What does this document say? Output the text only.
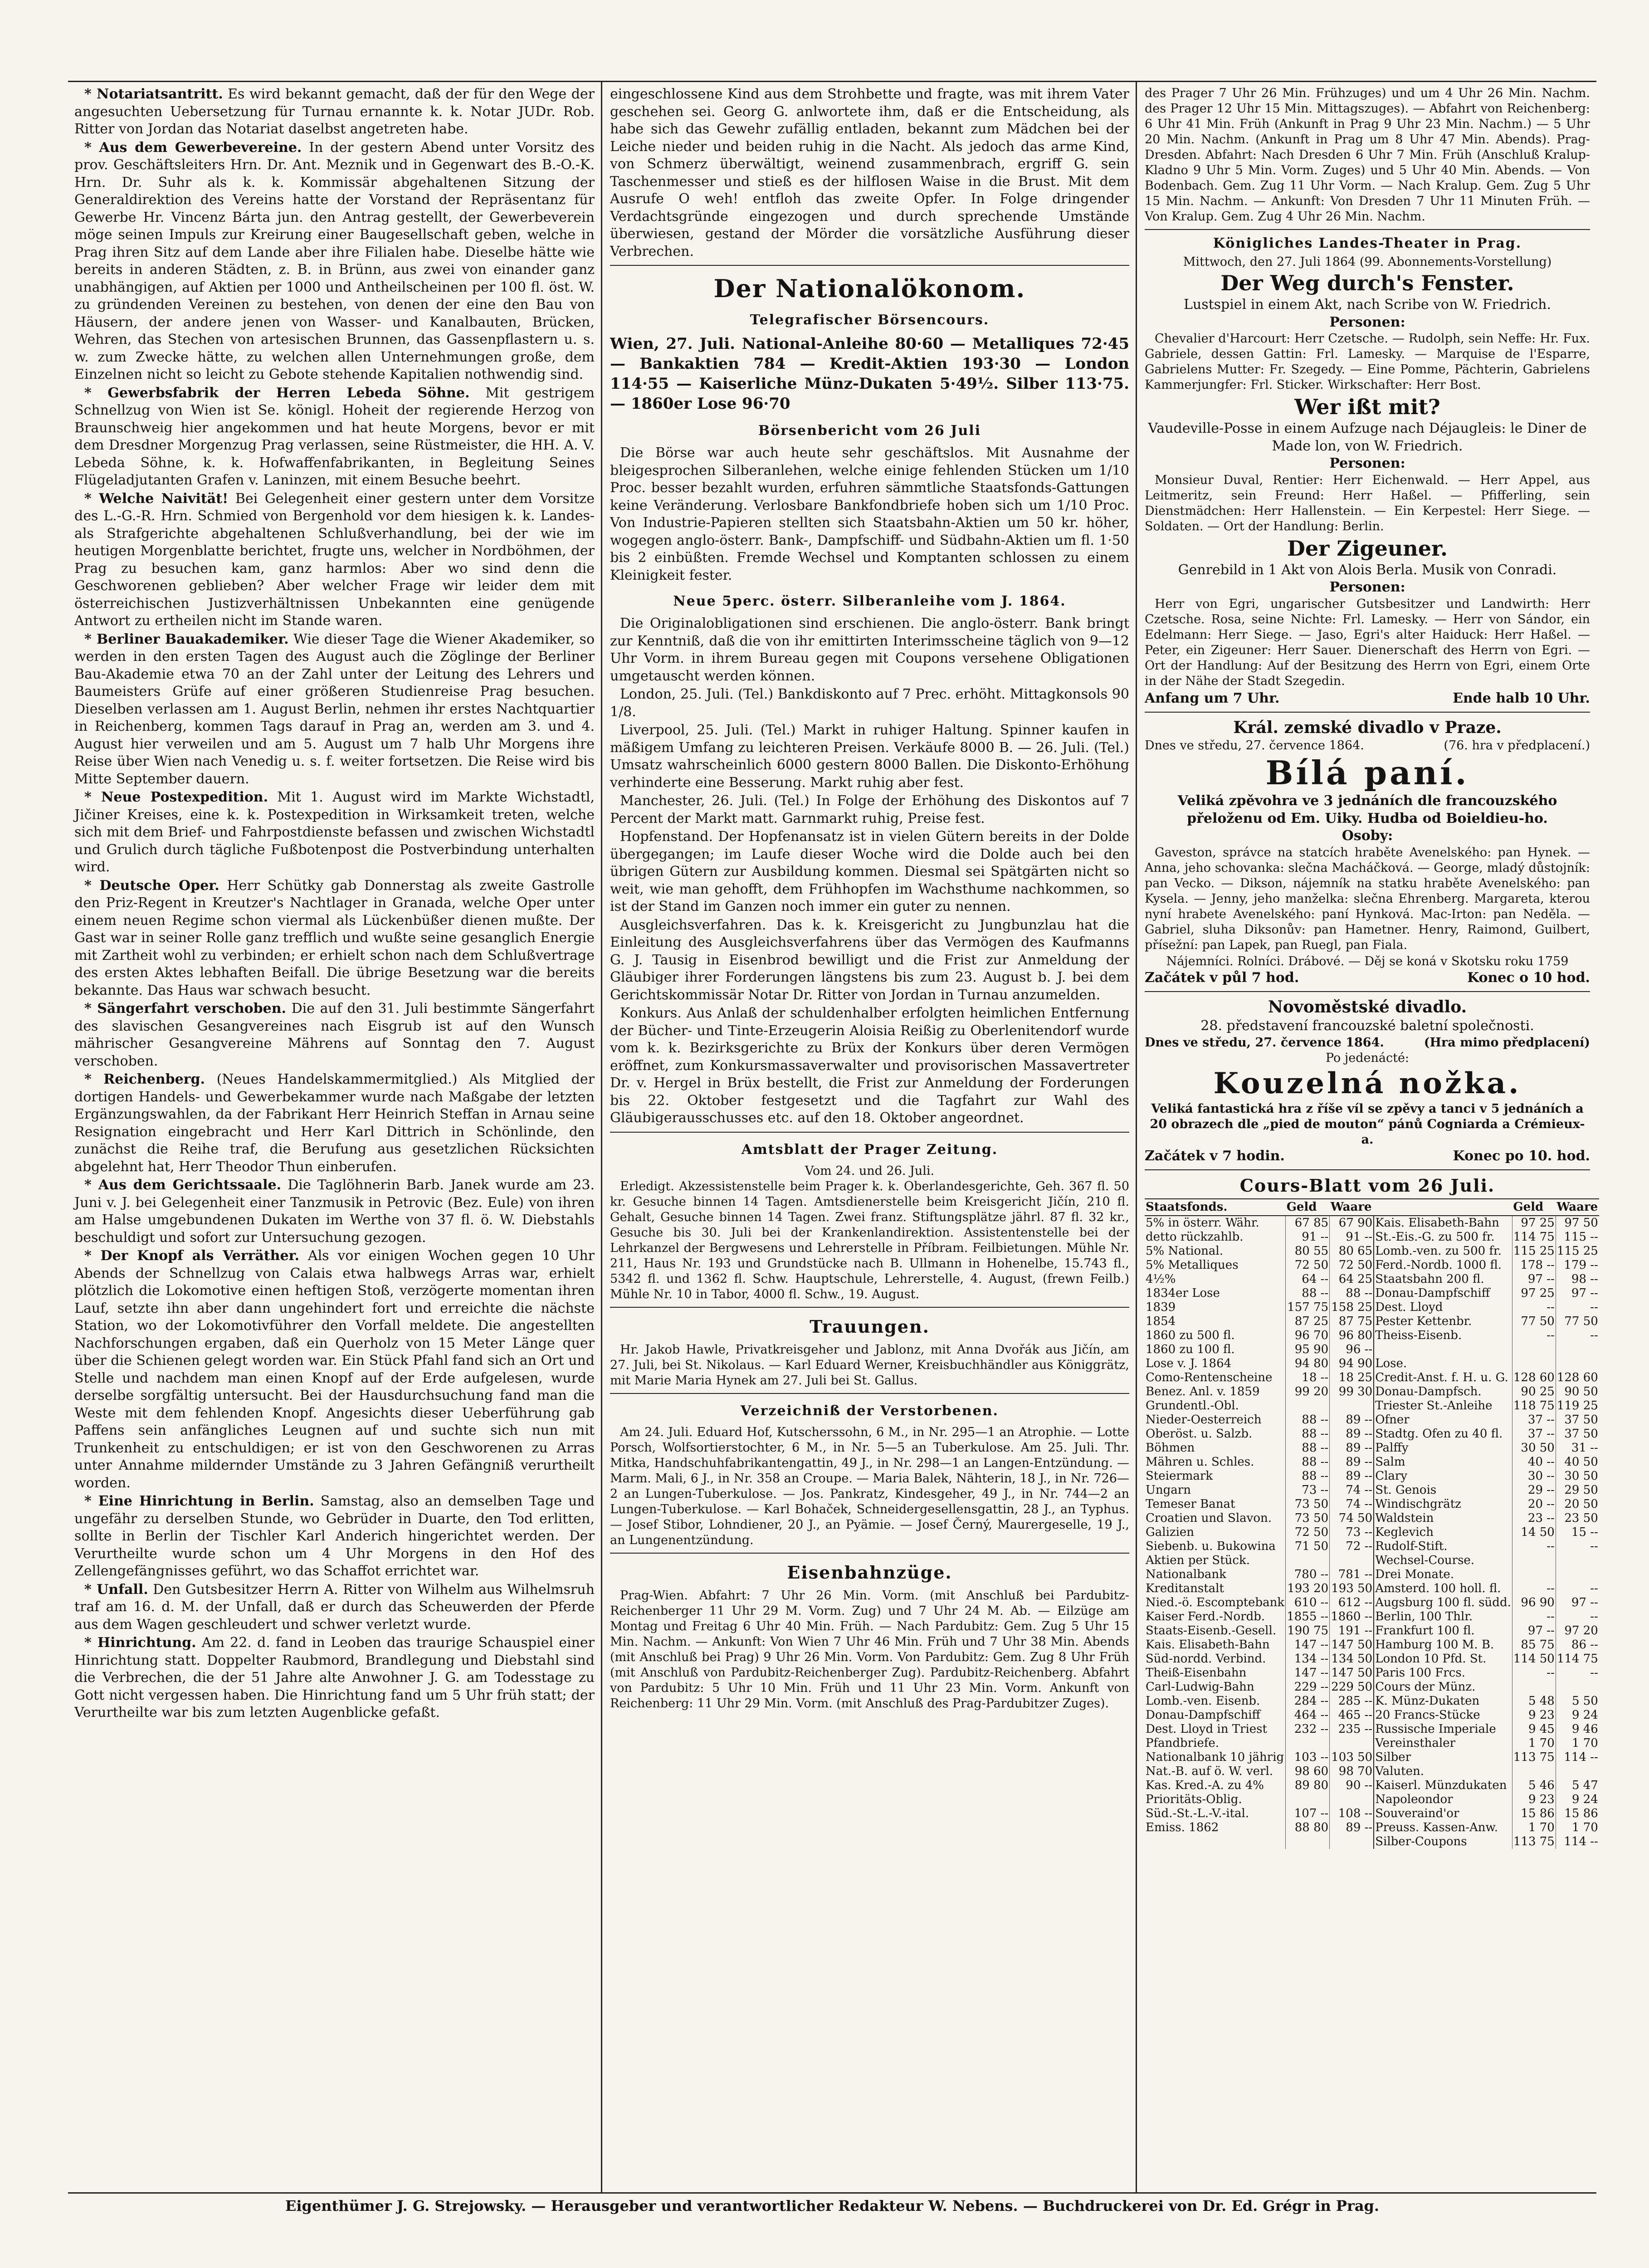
* Notariatsantritt. Es wird bekannt gemacht, daß der für den Wege der angesuchten Uebersetzung für Turnau ernannte k. k. Notar JUDr. Rob. Ritter von Jordan das Notariat daselbst angetreten habe.

* Aus dem Gewerbevereine. In der gestern Abend unter Vorsitz des prov. Geschäftsleiters Hrn. Dr. Ant. Meznik und in Gegenwart des B.-O.-K. Hrn. Dr. Suhr als k. k. Kommissär abgehaltenen Sitzung der Generaldirektion des Vereins hatte der Vorstand der Repräsentanz für Gewerbe Hr. Vincenz Bárta jun. den Antrag gestellt, der Gewerbeverein möge seinen Impuls zur Kreirung einer Baugesellschaft geben, welche in Prag ihren Sitz auf dem Lande aber ihre Filialen habe. Dieselbe hätte wie bereits in anderen Städten, z. B. in Brünn, aus zwei von einander ganz unabhängigen, auf Aktien per 1000 und Antheilscheinen per 100 fl. öst. W. zu gründenden Vereinen zu bestehen, von denen der eine den Bau von Häusern, der andere jenen von Wasser- und Kanalbauten, Brücken, Wehren, das Stechen von artesischen Brunnen, das Gassenpflastern u. s. w. zum Zwecke hätte, zu welchen allen Unternehmungen große, dem Einzelnen nicht so leicht zu Gebote stehende Kapitalien nothwendig sind.

* Gewerbsfabrik der Herren Lebeda Söhne. Mit gestrigem Schnellzug von Wien ist Se. königl. Hoheit der regierende Herzog von Braunschweig hier angekommen und hat heute Morgens, bevor er mit dem Dresdner Morgenzug Prag verlassen, seine Rüstmeister, die HH. A. V. Lebeda Söhne, k. k. Hofwaffenfabrikanten, in Begleitung Seines Flügeladjutanten Grafen v. Laninzen, mit einem Besuche beehrt.

* Welche Naivität! Bei Gelegenheit einer gestern unter dem Vorsitze des L.-G.-R. Hrn. Schmied von Bergenhold vor dem hiesigen k. k. Landes- als Strafgerichte abgehaltenen Schlußverhandlung, bei der wie im heutigen Morgenblatte berichtet, frugte uns, welcher in Nordböhmen, der Prag zu besuchen kam, ganz harmlos: Aber wo sind denn die Geschworenen geblieben? Aber welcher Frage wir leider dem mit österreichischen Justizverhältnissen Unbekannten eine genügende Antwort zu ertheilen nicht im Stande waren.

* Berliner Bauakademiker. Wie dieser Tage die Wiener Akademiker, so werden in den ersten Tagen des August auch die Zöglinge der Berliner Bau-Akademie etwa 70 an der Zahl unter der Leitung des Lehrers und Baumeisters Grüfe auf einer größeren Studienreise Prag besuchen. Dieselben verlassen am 1. August Berlin, nehmen ihr erstes Nachtquartier in Reichenberg, kommen Tags darauf in Prag an, werden am 3. und 4. August hier verweilen und am 5. August um 7 halb Uhr Morgens ihre Reise über Wien nach Venedig u. s. f. weiter fortsetzen. Die Reise wird bis Mitte September dauern.

* Neue Postexpedition. Mit 1. August wird im Markte Wichstadtl, Jičiner Kreises, eine k. k. Postexpedition in Wirksamkeit treten, welche sich mit dem Brief- und Fahrpostdienste befassen und zwischen Wichstadtl und Grulich durch tägliche Fußbotenpost die Postverbindung unterhalten wird.

* Deutsche Oper. Herr Schütky gab Donnerstag als zweite Gastrolle den Priz-Regent in Kreutzer's Nachtlager in Granada, welche Oper unter einem neuen Regime schon viermal als Lückenbüßer dienen mußte. Der Gast war in seiner Rolle ganz trefflich und wußte seine gesanglich Energie mit Zartheit wohl zu verbinden; er erhielt schon nach dem Schlußvertrage des ersten Aktes lebhaften Beifall. Die übrige Besetzung war die bereits bekannte. Das Haus war schwach besucht.

* Sängerfahrt verschoben. Die auf den 31. Juli bestimmte Sängerfahrt des slavischen Gesangvereines nach Eisgrub ist auf den Wunsch mährischer Gesangvereine Mährens auf Sonntag den 7. August verschoben.

* Reichenberg. (Neues Handelskammermitglied.) Als Mitglied der dortigen Handels- und Gewerbekammer wurde nach Maßgabe der letzten Ergänzungswahlen, da der Fabrikant Herr Heinrich Steffan in Arnau seine Resignation eingebracht und Herr Karl Dittrich in Schönlinde, den zunächst die Reihe traf, die Berufung aus gesetzlichen Rücksichten abgelehnt hat, Herr Theodor Thun einberufen.

* Aus dem Gerichtssaale. Die Taglöhnerin Barb. Janek wurde am 23. Juni v. J. bei Gelegenheit einer Tanzmusik in Petrovic (Bez. Eule) von ihren am Halse umgebundenen Dukaten im Werthe von 37 fl. ö. W. Diebstahls beschuldigt und sofort zur Untersuchung gezogen.

* Der Knopf als Verräther. Als vor einigen Wochen gegen 10 Uhr Abends der Schnellzug von Calais etwa halbwegs Arras war, erhielt plötzlich die Lokomotive einen heftigen Stoß, verzögerte momentan ihren Lauf, setzte ihn aber dann ungehindert fort und erreichte die nächste Station, wo der Lokomotivführer den Vorfall meldete. Die angestellten Nachforschungen ergaben, daß ein Querholz von 15 Meter Länge quer über die Schienen gelegt worden war. Ein Stück Pfahl fand sich an Ort und Stelle und nachdem man einen Knopf auf der Erde aufgelesen, wurde derselbe sorgfältig untersucht. Bei der Hausdurchsuchung fand man die Weste mit dem fehlenden Knopf. Angesichts dieser Ueberführung gab Paffens sein anfängliches Leugnen auf und suchte sich nun mit Trunkenheit zu entschuldigen; er ist von den Geschworenen zu Arras unter Annahme mildernder Umstände zu 3 Jahren Gefängniß verurtheilt worden.

* Eine Hinrichtung in Berlin. Samstag, also an demselben Tage und ungefähr zu derselben Stunde, wo Gebrüder in Duarte, den Tod erlitten, sollte in Berlin der Tischler Karl Anderich hingerichtet werden. Der Verurtheilte wurde schon um 4 Uhr Morgens in den Hof des Zellengefängnisses geführt, wo das Schaffot errichtet war.

* Unfall. Den Gutsbesitzer Herrn A. Ritter von Wilhelm aus Wilhelmsruh traf am 16. d. M. der Unfall, daß er durch das Scheuwerden der Pferde aus dem Wagen geschleudert und schwer verletzt wurde.

* Hinrichtung. Am 22. d. fand in Leoben das traurige Schauspiel einer Hinrichtung statt. Doppelter Raubmord, Brandlegung und Diebstahl sind die Verbrechen, die der 51 Jahre alte Anwohner J. G. am Todesstage zu Gott nicht vergessen haben. Die Hinrichtung fand um 5 Uhr früh statt; der Verurtheilte war bis zum letzten Augenblicke gefaßt.

eingeschlossene Kind aus dem Strohbette und fragte, was mit ihrem Vater geschehen sei. Georg G. anlwortete ihm, daß er die Entscheidung, als habe sich das Gewehr zufällig entladen, bekannt zum Mädchen bei der Leiche nieder und beiden ruhig in die Nacht. Als jedoch das arme Kind, von Schmerz überwältigt, weinend zusammenbrach, ergriff G. sein Taschenmesser und stieß es der hilflosen Waise in die Brust. Mit dem Ausrufe O weh! entfloh das zweite Opfer. In Folge dringender Verdachtsgründe eingezogen und durch sprechende Umstände überwiesen, gestand der Mörder die vorsätzliche Ausführung dieser Verbrechen.

Der Nationalökonom.
Telegrafischer Börsencours.

Wien, 27. Juli. National-Anleihe 80·60 — Metalliques 72·45 — Bankaktien 784 — Kredit-Aktien 193·30 — London 114·55 — Kaiserliche Münz-Dukaten 5·49½. Silber 113·75. — 1860er Lose 96·70

Börsenbericht vom 26 Juli

Die Börse war auch heute sehr geschäftslos. Mit Ausnahme der bleigesprochen Silberanlehen, welche einige fehlenden Stücken um 1/10 Proc. besser bezahlt wurden, erfuhren sämmtliche Staatsfonds-Gattungen keine Veränderung. Verlosbare Bankfondbriefe hoben sich um 1/10 Proc. Von Industrie-Papieren stellten sich Staatsbahn-Aktien um 50 kr. höher, wogegen anglo-österr. Bank-, Dampfschiff- und Südbahn-Aktien um fl. 1·50 bis 2 einbüßten. Fremde Wechsel und Komptanten schlossen zu einem Kleinigkeit fester.

Neue 5perc. österr. Silberanleihe vom J. 1864.

Die Originalobligationen sind erschienen. Die anglo-österr. Bank bringt zur Kenntniß, daß die von ihr emittirten Interimsscheine täglich von 9—12 Uhr Vorm. in ihrem Bureau gegen mit Coupons versehene Obligationen umgetauscht werden können.

London, 25. Juli. (Tel.) Bankdiskonto auf 7 Prec. erhöht. Mittagkonsols 90 1/8.

Liverpool, 25. Juli. (Tel.) Markt in ruhiger Haltung. Spinner kaufen in mäßigem Umfang zu leichteren Preisen. Verkäufe 8000 B. — 26. Juli. (Tel.) Umsatz wahrscheinlich 6000 gestern 8000 Ballen. Die Diskonto-Erhöhung verhinderte eine Besserung. Markt ruhig aber fest.

Manchester, 26. Juli. (Tel.) In Folge der Erhöhung des Diskontos auf 7 Percent der Markt matt. Garnmarkt ruhig, Preise fest.

Hopfenstand. Der Hopfenansatz ist in vielen Gütern bereits in der Dolde übergegangen; im Laufe dieser Woche wird die Dolde auch bei den übrigen Gütern zur Ausbildung kommen. Diesmal sei Spätgärten nicht so weit, wie man gehofft, dem Frühhopfen im Wachsthume nachkommen, so ist der Stand im Ganzen noch immer ein guter zu nennen.

Ausgleichsverfahren. Das k. k. Kreisgericht zu Jungbunzlau hat die Einleitung des Ausgleichsverfahrens über das Vermögen des Kaufmanns G. J. Tausig in Eisenbrod bewilligt und die Frist zur Anmeldung der Gläubiger ihrer Forderungen längstens bis zum 23. August b. J. bei dem Gerichtskommissär Notar Dr. Ritter von Jordan in Turnau anzumelden.

Konkurs. Aus Anlaß der schuldenhalber erfolgten heimlichen Entfernung der Bücher- und Tinte-Erzeugerin Aloisia Reißig zu Oberlenitendorf wurde vom k. k. Bezirksgerichte zu Brüx der Konkurs über deren Vermögen eröffnet, zum Konkursmassaverwalter und provisorischen Massavertreter Dr. v. Hergel in Brüx bestellt, die Frist zur Anmeldung der Forderungen bis 22. Oktober festgesetzt und die Tagfahrt zur Wahl des Gläubigerausschusses etc. auf den 18. Oktober angeordnet.

Amtsblatt der Prager Zeitung.
Vom 24. und 26. Juli.

Erledigt. Akzessistenstelle beim Prager k. k. Oberlandesgerichte, Geh. 367 fl. 50 kr. Gesuche binnen 14 Tagen. Amtsdienerstelle beim Kreisgericht Jičín, 210 fl. Gehalt, Gesuche binnen 14 Tagen. Zwei franz. Stiftungsplätze jährl. 87 fl. 32 kr., Gesuche bis 30. Juli bei der Krankenlandirektion. Assistentenstelle bei der Lehrkanzel der Bergwesens und Lehrerstelle in Příbram. Feilbietungen. Mühle Nr. 211, Haus Nr. 193 und Grundstücke nach B. Ullmann in Hohenelbe, 15.743 fl., 5342 fl. und 1362 fl. Schw. Hauptschule, Lehrerstelle, 4. August, (frewn Feilb.) Mühle Nr. 10 in Tabor, 4000 fl. Schw., 19. August.

Trauungen.

Hr. Jakob Hawle, Privatkreisgeher und Jablonz, mit Anna Dvořák aus Jičín, am 27. Juli, bei St. Nikolaus. — Karl Eduard Werner, Kreisbuchhändler aus Königgrätz, mit Marie Maria Hynek am 27. Juli bei St. Gallus.

Verzeichniß der Verstorbenen.

Am 24. Juli. Eduard Hof, Kutscherssohn, 6 M., in Nr. 295—1 an Atrophie. — Lotte Porsch, Wolfsortierstochter, 6 M., in Nr. 5—5 an Tuberkulose. Am 25. Juli. Thr. Mitka, Handschuhfabrikantengattin, 49 J., in Nr. 298—1 an Langen-Entzündung. — Marm. Mali, 6 J., in Nr. 358 an Croupe. — Maria Balek, Nähterin, 18 J., in Nr. 726—2 an Lungen-Tuberkulose. — Jos. Pankratz, Kindesgeher, 49 J., in Nr. 744—2 an Lungen-Tuberkulose. — Karl Bohaček, Schneidergesellensgattin, 28 J., an Typhus. — Josef Stibor, Lohndiener, 20 J., an Pyämie. — Josef Černý, Maurergeselle, 19 J., an Lungenentzündung.

Eisenbahnzüge.

Prag-Wien. Abfahrt: 7 Uhr 26 Min. Vorm. (mit Anschluß bei Pardubitz-Reichenberger 11 Uhr 29 M. Vorm. Zug) und 7 Uhr 24 M. Ab. — Eilzüge am Montag und Freitag 6 Uhr 40 Min. Früh. — Nach Pardubitz: Gem. Zug 5 Uhr 15 Min. Nachm. — Ankunft: Von Wien 7 Uhr 46 Min. Früh und 7 Uhr 38 Min. Abends (mit Anschluß bei Prag) 9 Uhr 26 Min. Vorm. Von Pardubitz: Gem. Zug 8 Uhr Früh (mit Anschluß von Pardubitz-Reichenberger Zug). Pardubitz-Reichenberg. Abfahrt von Pardubitz: 5 Uhr 10 Min. Früh und 11 Uhr 23 Min. Vorm. Ankunft von Reichenberg: 11 Uhr 29 Min. Vorm. (mit Anschluß des Prag-Pardubitzer Zuges).

des Prager 7 Uhr 26 Min. Frühzuges) und um 4 Uhr 26 Min. Nachm. des Prager 12 Uhr 15 Min. Mittagszuges). — Abfahrt von Reichenberg: 6 Uhr 41 Min. Früh (Ankunft in Prag 9 Uhr 23 Min. Nachm.) — 5 Uhr 20 Min. Nachm. (Ankunft in Prag um 8 Uhr 47 Min. Abends). Prag-Dresden. Abfahrt: Nach Dresden 6 Uhr 7 Min. Früh (Anschluß Kralup-Kladno 9 Uhr 5 Min. Vorm. Zuges) und 5 Uhr 40 Min. Abends. — Von Bodenbach. Gem. Zug 11 Uhr Vorm. — Nach Kralup. Gem. Zug 5 Uhr 15 Min. Nachm. — Ankunft: Von Dresden 7 Uhr 11 Minuten Früh. — Von Kralup. Gem. Zug 4 Uhr 26 Min. Nachm.

Königliches Landes-Theater in Prag.
Mittwoch, den 27. Juli 1864 (99. Abonnements-Vorstellung)
Der Weg durch's Fenster.
Lustspiel in einem Akt, nach Scribe von W. Friedrich.
Personen:

Chevalier d'Harcourt: Herr Czetsche. — Rudolph, sein Neffe: Hr. Fux. Gabriele, dessen Gattin: Frl. Lamesky. — Marquise de l'Esparre, Gabrielens Mutter: Fr. Szegedy. — Eine Pomme, Pächterin, Gabrielens Kammerjungfer: Frl. Sticker. Wirkschafter: Herr Bost.

Wer ißt mit?
Vaudeville-Posse in einem Aufzuge nach Déjaugleis: le Diner de Made lon, von W. Friedrich.
Personen:

Monsieur Duval, Rentier: Herr Eichenwald. — Herr Appel, aus Leitmeritz, sein Freund: Herr Haßel. — Pfifferling, sein Dienstmädchen: Herr Hallenstein. — Ein Kerpestel: Herr Siege. — Soldaten. — Ort der Handlung: Berlin.

Der Zigeuner.
Genrebild in 1 Akt von Alois Berla. Musik von Conradi.
Personen:

Herr von Egri, ungarischer Gutsbesitzer und Landwirth: Herr Czetsche. Rosa, seine Nichte: Frl. Lamesky. — Herr von Sándor, ein Edelmann: Herr Siege. — Jaso, Egri's alter Haiduck: Herr Haßel. — Peter, ein Zigeuner: Herr Sauer. Dienerschaft des Herrn von Egri. — Ort der Handlung: Auf der Besitzung des Herrn von Egri, einem Orte in der Nähe der Stadt Szegedin.

Anfang um 7 Uhr.	Ende halb 10 Uhr.
Král. zemské divadlo v Praze.
Dnes ve středu, 27. července 1864.	(76. hra v předplacení.)
Bílá paní.
Veliká zpěvohra ve 3 jednáních dle francouzského přeloženu od Em. Uiky. Hudba od Boieldieu-ho.
Osoby:

Gaveston, správce na statcích hraběte Avenelského: pan Hynek. — Anna, jeho schovanka: slečna Macháčková. — George, mladý důstojník: pan Vecko. — Dikson, nájemník na statku hraběte Avenelského: pan Kysela. — Jenny, jeho manželka: slečna Ehrenberg. Margareta, kterou nyní hrabete Avenelského: paní Hynková. Mac-Irton: pan Neděla. — Gabriel, sluha Diksonův: pan Hametner. Henry, Raimond, Guilbert, přísežní: pan Lapek, pan Ruegl, pan Fiala.

Nájemníci. Rolníci. Drábové. — Děj se koná v Skotsku roku 1759
Začátek v půl 7 hod.	Konec o 10 hod.
Novoměstské divadlo.
28. představení francouzské baletní společnosti.
Dnes ve středu, 27. července 1864.	(Hra mimo předplacení)
Po jedenácté:
Kouzelná nožka.
Veliká fantastická hra z říše víl se zpěvy a tanci v 5 jednáních a 20 obrazech dle „pied de mouton“ pánů Cogniarda a Crémieux-a.
Začátek v 7 hodin.	Konec po 10. hod.
Cours-Blatt vom 26 Juli.
Staatsfonds.	Geld	Waare		Geld	Waare
5% in österr. Währ.	67 85	67 90	Kais. Elisabeth-Bahn	97 25	97 50
detto rückzahlb.	91 --	91 --	St.-Eis.-G. zu 500 fr.	114 75	115 --
5% National.	80 55	80 65	Lomb.-ven. zu 500 fr.	115 25	115 25
5% Metalliques	72 50	72 50	Ferd.-Nordb. 1000 fl.	178 --	179 --
4½%	64 --	64 25	Staatsbahn 200 fl.	97 --	98 --
1834er Lose	88 --	88 --	Donau-Dampfschiff	97 25	97 --
1839	157 75	158 25	Dest. Lloyd	--	--
1854	87 25	87 75	Pester Kettenbr.	77 50	77 50
1860 zu 500 fl.	96 70	96 80	Theiss-Eisenb.	--	--
1860 zu 100 fl.	95 90	96 --			
Lose v. J. 1864	94 80	94 90	Lose.		
Como-Rentenscheine	18 --	18 25	Credit-Anst. f. H. u. G.	128 60	128 60
Benez. Anl. v. 1859	99 20	99 30	Donau-Dampfsch.	90 25	90 50
Grundentl.-Obl.			Triester St.-Anleihe	118 75	119 25
Nieder-Oesterreich	88 --	89 --	Ofner	37 --	37 50
Oberöst. u. Salzb.	88 --	89 --	Stadtg. Ofen zu 40 fl.	37 --	37 50
Böhmen	88 --	89 --	Palffy	30 50	31 --
Mähren u. Schles.	88 --	89 --	Salm	40 --	40 50
Steiermark	88 --	89 --	Clary	30 --	30 50
Ungarn	73 --	74 --	St. Genois	29 --	29 50
Temeser Banat	73 50	74 --	Windischgrätz	20 --	20 50
Croatien und Slavon.	73 50	74 50	Waldstein	23 --	23 50
Galizien	72 50	73 --	Keglevich	14 50	15 --
Siebenb. u. Bukowina	71 50	72 --	Rudolf-Stift.	--	--
Aktien per Stück.			Wechsel-Course.		
Nationalbank	780 --	781 --	Drei Monate.		
Kreditanstalt	193 20	193 50	Amsterd. 100 holl. fl.	--	--
Nied.-ö. Escomptebank	610 --	612 --	Augsburg 100 fl. südd.	96 90	97 --
Kaiser Ferd.-Nordb.	1855 --	1860 --	Berlin, 100 Thlr.	--	--
Staats-Eisenb.-Gesell.	190 75	191 --	Frankfurt 100 fl.	97 --	97 20
Kais. Elisabeth-Bahn	147 --	147 50	Hamburg 100 M. B.	85 75	86 --
Süd-nordd. Verbind.	134 --	134 50	London 10 Pfd. St.	114 50	114 75
Theiß-Eisenbahn	147 --	147 50	Paris 100 Frcs.	--	--
Carl-Ludwig-Bahn	229 --	229 50	Cours der Münz.		
Lomb.-ven. Eisenb.	284 --	285 --	K. Münz-Dukaten	5 48	5 50
Donau-Dampfschiff	464 --	465 --	20 Francs-Stücke	9 23	9 24
Dest. Lloyd in Triest	232 --	235 --	Russische Imperiale	9 45	9 46
Pfandbriefe.			Vereinsthaler	1 70	1 70
Nationalbank 10 jährig	103 --	103 50	Silber	113 75	114 --
Nat.-B. auf ö. W. verl.	98 60	98 70	Valuten.		
Kas. Kred.-A. zu 4%	89 80	90 --	Kaiserl. Münzdukaten	5 46	5 47
Prioritäts-Oblig.			Napoleondor	9 23	9 24
Süd.-St.-L.-V.-ital.	107 --	108 --	Souveraind'or	15 86	15 86
Emiss. 1862	88 80	89 --	Preuss. Kassen-Anw.	1 70	1 70
			Silber-Coupons	113 75	114 --
Eigenthümer J. G. Strejowsky. — Herausgeber und verantwortlicher Redakteur W. Nebens. — Buchdruckerei von Dr. Ed. Grégr in Prag.
